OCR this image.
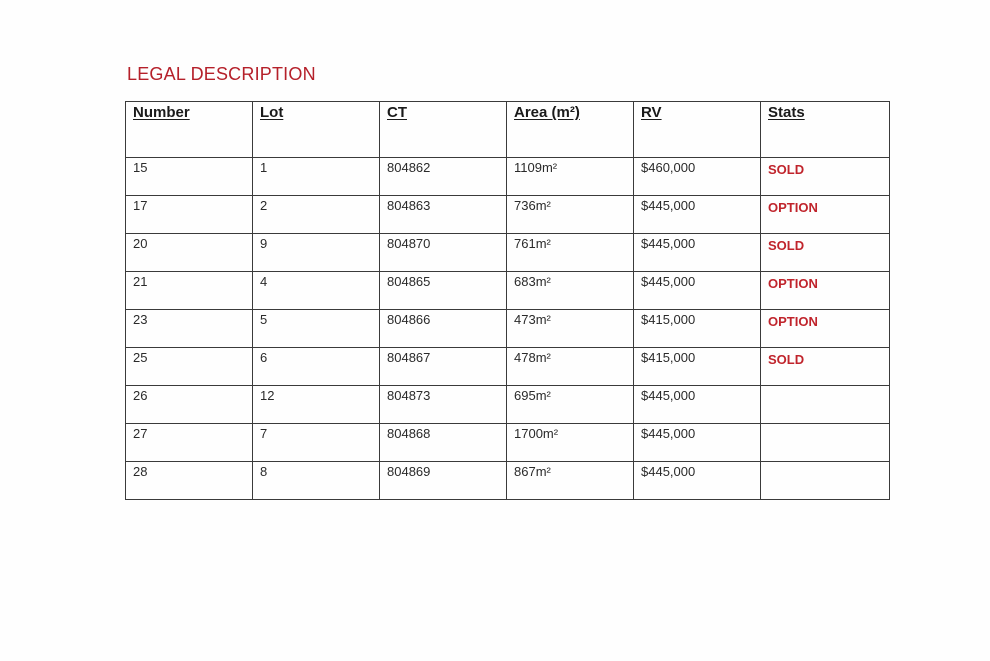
LEGAL DESCRIPTION
Number	Lot	CT	Area (m²)	RV	Stats
15	1	804862	1109m²	$460,000	SOLD
17	2	804863	736m²	$445,000	OPTION
20	9	804870	761m²	$445,000	SOLD
21	4	804865	683m²	$445,000	OPTION
23	5	804866	473m²	$415,000	OPTION
25	6	804867	478m²	$415,000	SOLD
26	12	804873	695m²	$445,000	
27	7	804868	1700m²	$445,000	
28	8	804869	867m²	$445,000	
